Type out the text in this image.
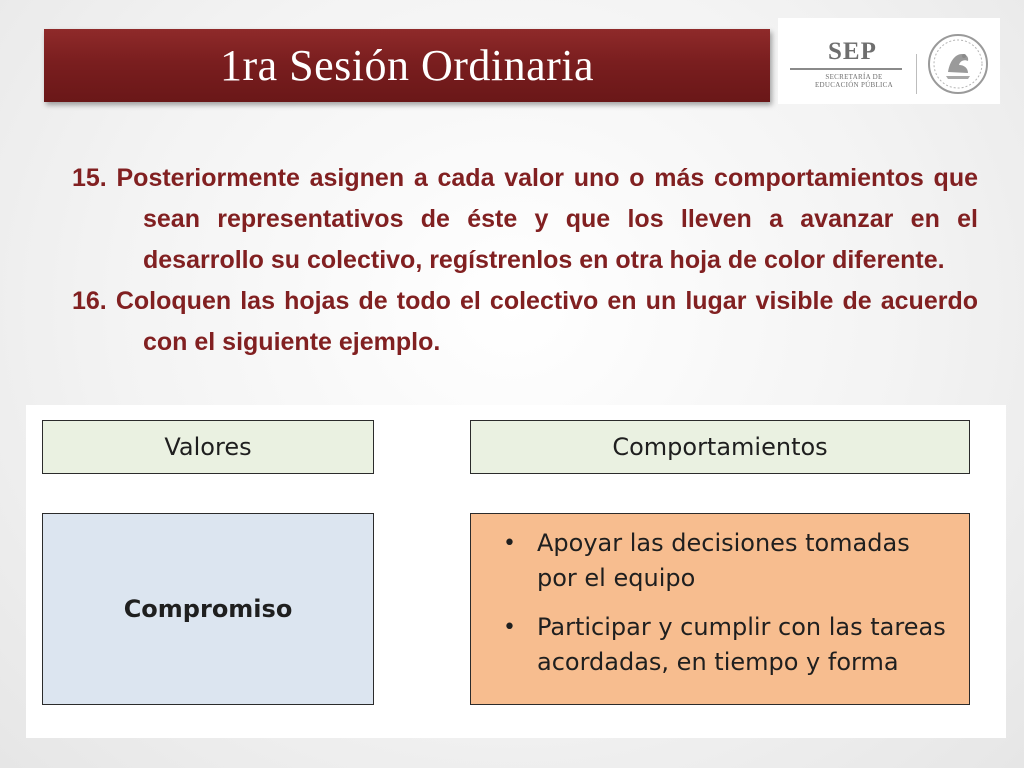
1ra Sesión Ordinaria	SEP
SECRETARÍA DE EDUCACIÓN PÚBLICA
15. Posteriormente asignen a cada valor uno o más comportamientos que sean representativos de éste y que los lleven a avanzar en el desarrollo su colectivo, regístrenlos en otra hoja de color diferente.
16. Coloquen las hojas de todo el colectivo en un lugar visible de acuerdo con el siguiente ejemplo.
Valores	Comportamientos
Compromiso
• Apoyar las decisiones tomadas por el equipo
• Participar y cumplir con las tareas acordadas, en tiempo y forma
